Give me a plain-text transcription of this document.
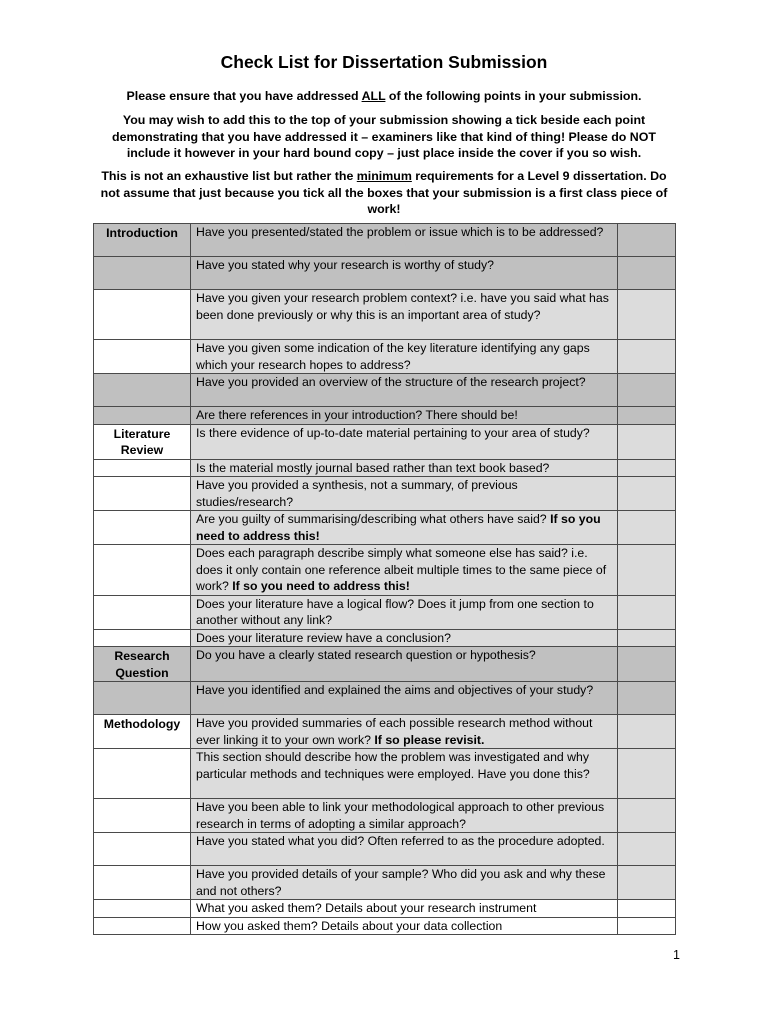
Check List for Dissertation Submission
Please ensure that you have addressed ALL of the following points in your submission.
You may wish to add this to the top of your submission showing a tick beside each point demonstrating that you have addressed it – examiners like that kind of thing! Please do NOT include it however in your hard bound copy – just place inside the cover if you so wish.
This is not an exhaustive list but rather the minimum requirements for a Level 9 dissertation. Do not assume that just because you tick all the boxes that your submission is a first class piece of work!
Introduction	Have you presented/stated the problem or issue which is to be addressed?	
	Have you stated why your research is worthy of study?	
	Have you given your research problem context? i.e. have you said what has been done previously or why this is an important area of study?	
	Have you given some indication of the key literature identifying any gaps which your research hopes to address?	
	Have you provided an overview of the structure of the research project?	
	Are there references in your introduction? There should be!	
Literature Review	Is there evidence of up-to-date material pertaining to your area of study?	
	Is the material mostly journal based rather than text book based?	
	Have you provided a synthesis, not a summary, of previous studies/research?	
	Are you guilty of summarising/describing what others have said? If so you need to address this!	
	Does each paragraph describe simply what someone else has said? i.e. does it only contain one reference albeit multiple times to the same piece of work? If so you need to address this!	
	Does your literature have a logical flow? Does it jump from one section to another without any link?	
	Does your literature review have a conclusion?	
Research Question	Do you have a clearly stated research question or hypothesis?	
	Have you identified and explained the aims and objectives of your study?	
Methodology	Have you provided summaries of each possible research method without ever linking it to your own work? If so please revisit.	
	This section should describe how the problem was investigated and why particular methods and techniques were employed. Have you done this?	
	Have you been able to link your methodological approach to other previous research in terms of adopting a similar approach?	
	Have you stated what you did? Often referred to as the procedure adopted.	
	Have you provided details of your sample? Who did you ask and why these and not others?	
	What you asked them? Details about your research instrument	
	How you asked them? Details about your data collection	
1
